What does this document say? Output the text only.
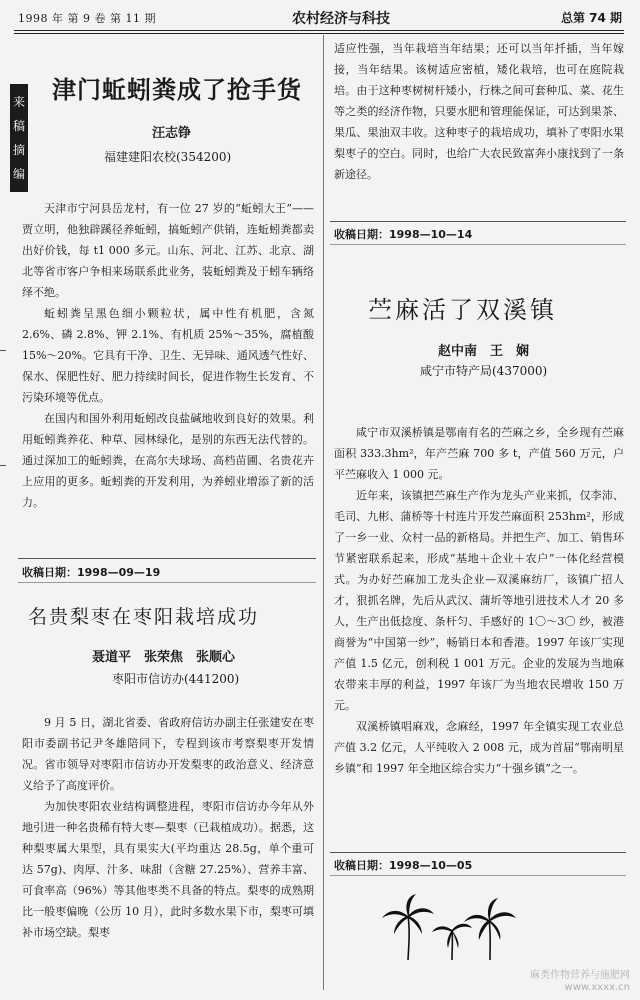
1998 年 第 9 卷 第 11 期	农村经济与科技	总第 74 期
来
稿
摘
编
津门蚯蚓粪成了抢手货
汪志铮
福建建阳农校(354200)

天津市宁河县岳龙村，有一位 27 岁的“蚯蚓大王”——贾立明，他独辟蹊径养蚯蚓，搞蚯蚓产供销，连蚯蚓粪都卖出好价钱，每 t1 000 多元。山东、河北、江苏、北京、湖北等省市客户争相来场联系此业务，装蚯蚓粪及于蚓车辆络绎不绝。

蚯蚓粪呈黑色细小颗粒状，属中性有机肥，含氮 2.6%、磷 2.8%、钾 2.1%、有机质 25%～35%，腐植酸 15%～20%。它具有干净、卫生、无异味、通风透气性好、保水、保肥性好、肥力持续时间长，促进作物生长发育、不污染环境等优点。

在国内和国外利用蚯蚓改良盐碱地收到良好的效果。利用蚯蚓粪养花、种草、园林绿化，是别的东西无法代替的。通过深加工的蚯蚓粪，在高尔夫球场、高档苗圃、名贵花卉上应用的更多。蚯蚓粪的开发利用，为养蚓业增添了新的活力。

收稿日期：1998—09—19
名贵梨枣在枣阳栽培成功
聂道平　张荣焦　张顺心
枣阳市信访办(441200)

9 月 5 日，湖北省委、省政府信访办副主任张建安在枣阳市委副书记尹冬雄陪同下，专程到该市考察梨枣开发情况。省市领导对枣阳市信访办开发梨枣的政治意义、经济意义给予了高度评价。

为加快枣阳农业结构调整进程，枣阳市信访办今年从外地引进一种名贵稀有特大枣—梨枣（已栽植成功）。据悉，这种梨枣属大果型，具有果实大(平均重达 28.5g，单个重可达 57g)、肉厚、汁多、味甜（含糖 27.25%）、营养丰富、可食率高（96%）等其他枣类不具备的特点。梨枣的成熟期比一般枣偏晚（公历 10 月），此时多数水果下市，梨枣可填补市场空缺。梨枣

适应性强，当年栽培当年结果；还可以当年扦插，当年嫁接，当年结果。该树适应密植，矮化栽培，也可在庭院栽培。由于这种枣树树杆矮小，行株之间可套种瓜、菜、花生等之类的经济作物，只要水肥和管理能保证，可达到果茶、果瓜、果油双丰收。这种枣子的栽培成功，填补了枣阳水果梨枣子的空白。同时，也给广大农民致富奔小康找到了一条新途径。

收稿日期：1998—10—14
苎麻活了双溪镇
赵中南　王　娴
咸宁市特产局(437000)

咸宁市双溪桥镇是鄂南有名的苎麻之乡，全乡现有苎麻面积 333.3hm²，年产苎麻 700 多 t，产值 560 万元，户平苎麻收入 1 000 元。

近年来，该镇把苎麻生产作为龙头产业来抓，仅李沛、毛司、九彬、蒲桥等十村连片开发苎麻面积 253hm²，形成了一乡一业、众村一品的新格局。并把生产、加工、销售环节紧密联系起来，形成“基地＋企业＋农户”一体化经营模式。为办好苎麻加工龙头企业—双溪麻纺厂，该镇广招人才，狠抓名牌，先后从武汉、蒲圻等地引进技术人才 20 多人，生产出低捻度、条杆匀、手感好的 1〇～3〇 纱，被港商誉为“中国第一纱”，畅销日本和香港。1997 年该厂实现产值 1.5 亿元，创利税 1 001 万元。企业的发展为当地麻农带来丰厚的利益，1997 年该厂为当地农民增收 150 万元。

双溪桥镇唱麻戏，念麻经，1997 年全镇实现工农业总产值 3.2 亿元，人平纯收入 2 008 元，成为首届“鄂南明星乡镇”和 1997 年全地区综合实力“十强乡镇”之一。

收稿日期：1998—10—05
麻类作物营养与施肥网
www.xxxx.cn
